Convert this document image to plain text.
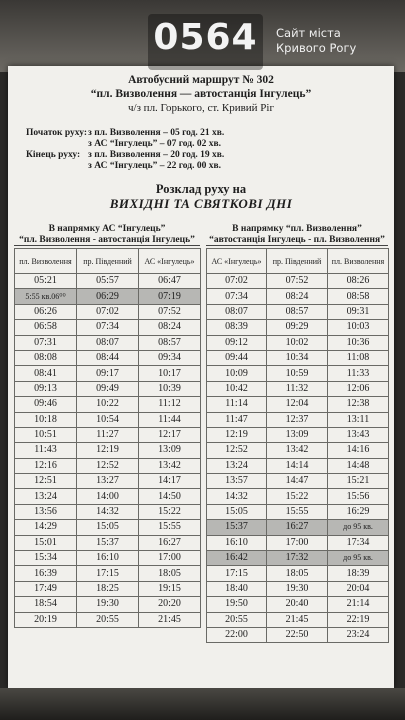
Автобусний маршрут № 302
“пл. Визволення — автостанція Інгулець”
ч/з пл. Горького, ст. Кривий Ріг
Початок руху:з пл. Визволення – 05 год. 21 хв.
з АС “Інгулець” – 07 год. 02 хв.
Кінець руху: з пл. Визволення – 20 год. 19 хв.
з АС “Інгулець” – 22 год. 00 хв.
Розклад руху на
ВИХІДНІ ТА СВЯТКОВІ ДНІ
В напрямку АС “Інгулець”
“пл. Визволення - автостанція Інгулець”
В напрямку “пл. Визволення”
“автостанція Інгулець - пл. Визволення”
пл. Визволення	пр. Південний	АС «Інгулець»
05:21	05:57	06:47
5:55 кв.06⁰⁰	06:29	07:19
06:26	07:02	07:52
06:58	07:34	08:24
07:31	08:07	08:57
08:08	08:44	09:34
08:41	09:17	10:17
09:13	09:49	10:39
09:46	10:22	11:12
10:18	10:54	11:44
10:51	11:27	12:17
11:43	12:19	13:09
12:16	12:52	13:42
12:51	13:27	14:17
13:24	14:00	14:50
13:56	14:32	15:22
14:29	15:05	15:55
15:01	15:37	16:27
15:34	16:10	17:00
16:39	17:15	18:05
17:49	18:25	19:15
18:54	19:30	20:20
20:19	20:55	21:45
АС «Інгулець»	пр. Південний	пл. Визволення
07:02	07:52	08:26
07:34	08:24	08:58
08:07	08:57	09:31
08:39	09:29	10:03
09:12	10:02	10:36
09:44	10:34	11:08
10:09	10:59	11:33
10:42	11:32	12:06
11:14	12:04	12:38
11:47	12:37	13:11
12:19	13:09	13:43
12:52	13:42	14:16
13:24	14:14	14:48
13:57	14:47	15:21
14:32	15:22	15:56
15:05	15:55	16:29
15:37	16:27	до 95 кв.
16:10	17:00	17:34
16:42	17:32	до 95 кв.
17:15	18:05	18:39
18:40	19:30	20:04
19:50	20:40	21:14
20:55	21:45	22:19
22:00	22:50	23:24
0564	Сайт міста
Кривого Рогу
